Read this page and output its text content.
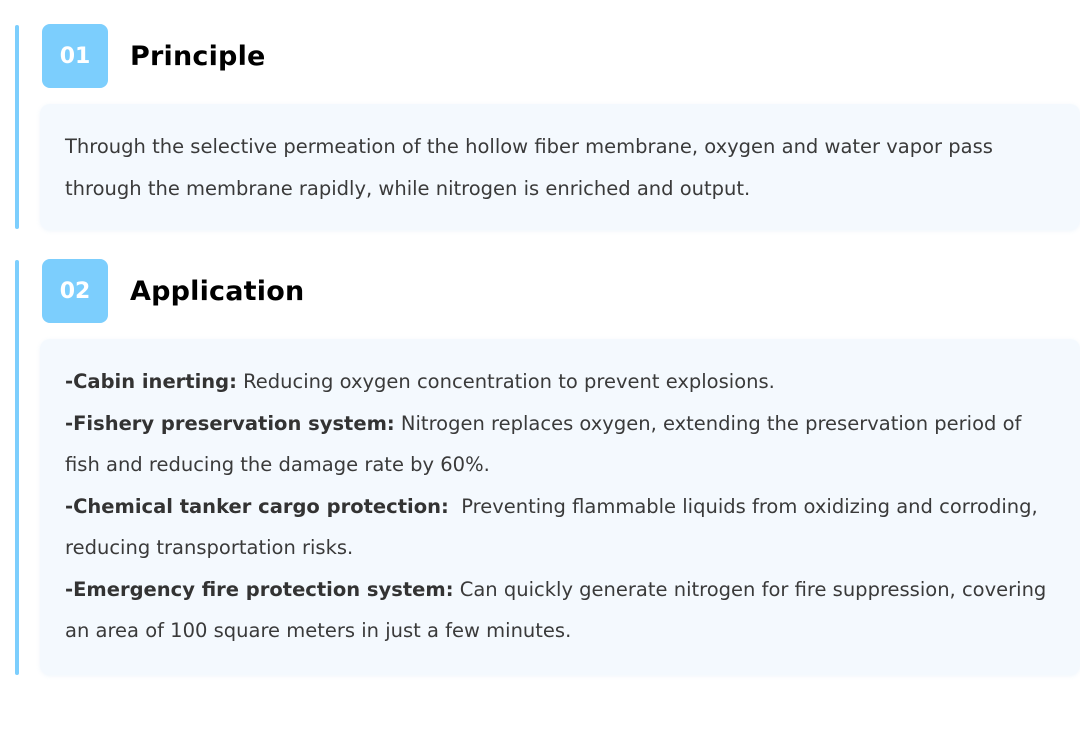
01	Principle

Through the selective permeation of the hollow fiber membrane, oxygen and water vapor pass through the membrane rapidly, while nitrogen is enriched and output.

02	Application

-Cabin inerting: Reducing oxygen concentration to prevent explosions.

-Fishery preservation system: Nitrogen replaces oxygen, extending the preservation period of fish and reducing the damage rate by 60%.

-Chemical tanker cargo protection:  Preventing flammable liquids from oxidizing and corroding, reducing transportation risks.

-Emergency fire protection system: Can quickly generate nitrogen for fire suppression, covering an area of 100 square meters in just a few minutes.
